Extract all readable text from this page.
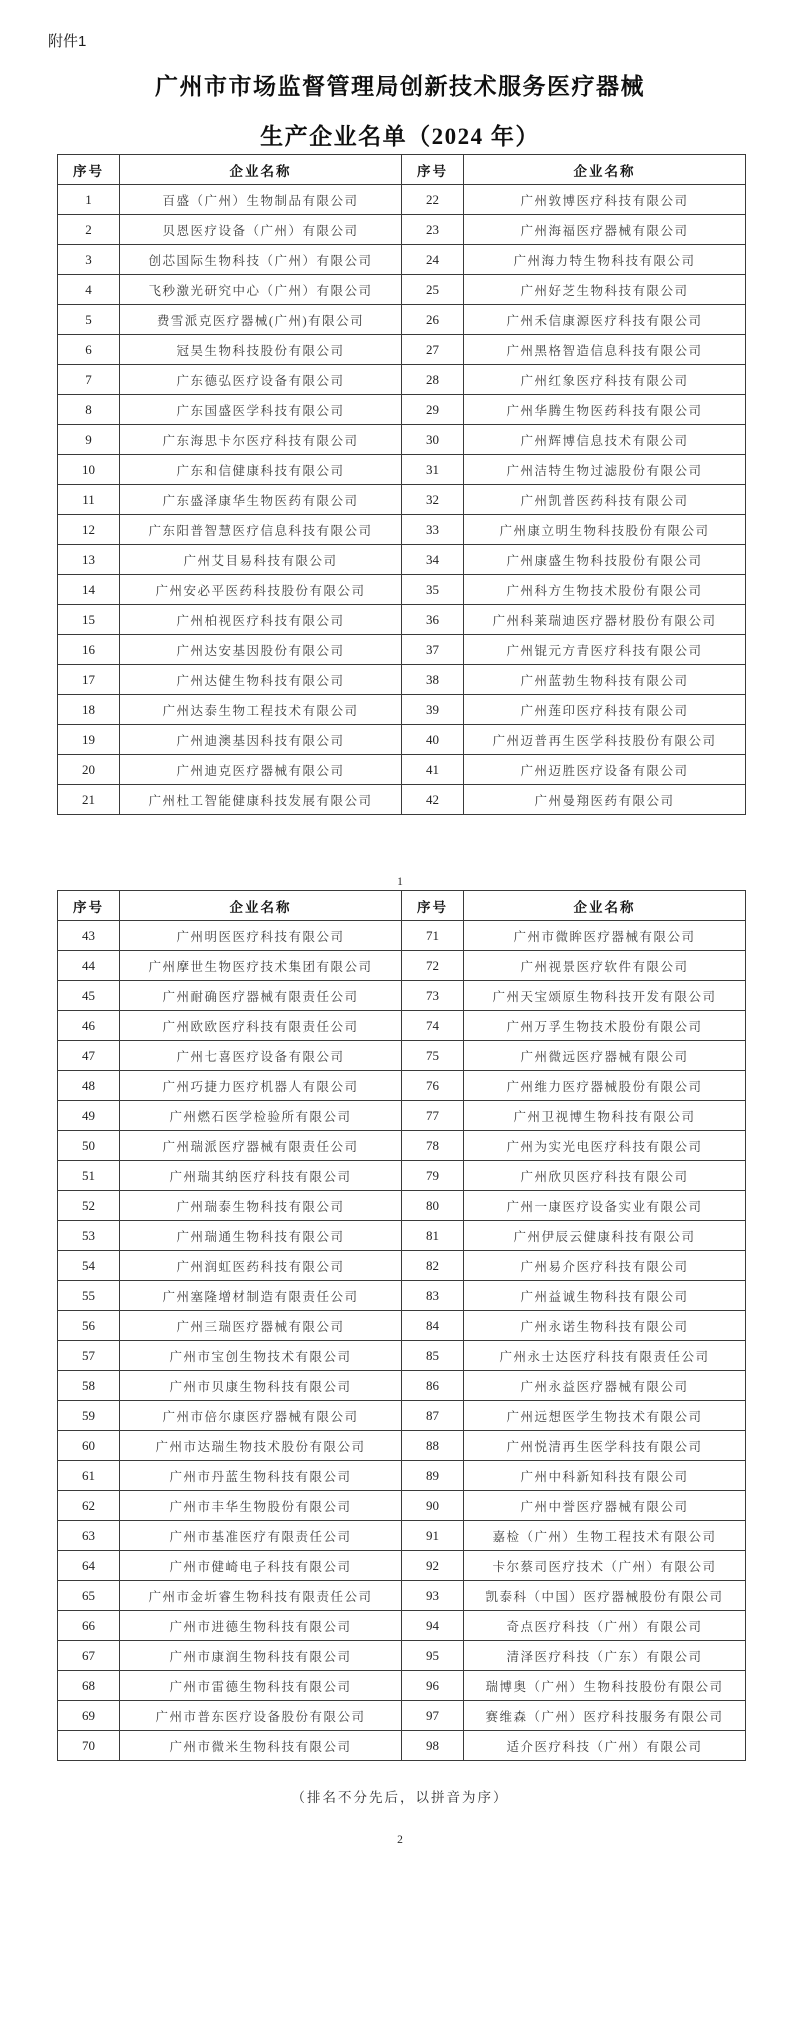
附件1
广州市市场监督管理局创新技术服务医疗器械
生产企业名单（2024 年）
序号	企业名称	序号	企业名称
1	百盛（广州）生物制品有限公司	22	广州敦博医疗科技有限公司
2	贝恩医疗设备（广州）有限公司	23	广州海福医疗器械有限公司
3	创芯国际生物科技（广州）有限公司	24	广州海力特生物科技有限公司
4	飞秒激光研究中心（广州）有限公司	25	广州好芝生物科技有限公司
5	费雪派克医疗器械(广州)有限公司	26	广州禾信康源医疗科技有限公司
6	冠昊生物科技股份有限公司	27	广州黑格智造信息科技有限公司
7	广东德弘医疗设备有限公司	28	广州红象医疗科技有限公司
8	广东国盛医学科技有限公司	29	广州华腾生物医药科技有限公司
9	广东海思卡尔医疗科技有限公司	30	广州辉博信息技术有限公司
10	广东和信健康科技有限公司	31	广州洁特生物过滤股份有限公司
11	广东盛泽康华生物医药有限公司	32	广州凯普医药科技有限公司
12	广东阳普智慧医疗信息科技有限公司	33	广州康立明生物科技股份有限公司
13	广州艾目易科技有限公司	34	广州康盛生物科技股份有限公司
14	广州安必平医药科技股份有限公司	35	广州科方生物技术股份有限公司
15	广州柏视医疗科技有限公司	36	广州科莱瑞迪医疗器材股份有限公司
16	广州达安基因股份有限公司	37	广州锟元方青医疗科技有限公司
17	广州达健生物科技有限公司	38	广州蓝勃生物科技有限公司
18	广州达泰生物工程技术有限公司	39	广州莲印医疗科技有限公司
19	广州迪澳基因科技有限公司	40	广州迈普再生医学科技股份有限公司
20	广州迪克医疗器械有限公司	41	广州迈胜医疗设备有限公司
21	广州杜工智能健康科技发展有限公司	42	广州曼翔医药有限公司
1
序号	企业名称	序号	企业名称
43	广州明医医疗科技有限公司	71	广州市微眸医疗器械有限公司
44	广州摩世生物医疗技术集团有限公司	72	广州视景医疗软件有限公司
45	广州耐确医疗器械有限责任公司	73	广州天宝颂原生物科技开发有限公司
46	广州欧欧医疗科技有限责任公司	74	广州万孚生物技术股份有限公司
47	广州七喜医疗设备有限公司	75	广州微远医疗器械有限公司
48	广州巧捷力医疗机器人有限公司	76	广州维力医疗器械股份有限公司
49	广州燃石医学检验所有限公司	77	广州卫视博生物科技有限公司
50	广州瑞派医疗器械有限责任公司	78	广州为实光电医疗科技有限公司
51	广州瑞其纳医疗科技有限公司	79	广州欣贝医疗科技有限公司
52	广州瑞泰生物科技有限公司	80	广州一康医疗设备实业有限公司
53	广州瑞通生物科技有限公司	81	广州伊辰云健康科技有限公司
54	广州润虹医药科技有限公司	82	广州易介医疗科技有限公司
55	广州塞隆增材制造有限责任公司	83	广州益诚生物科技有限公司
56	广州三瑞医疗器械有限公司	84	广州永诺生物科技有限公司
57	广州市宝创生物技术有限公司	85	广州永士达医疗科技有限责任公司
58	广州市贝康生物科技有限公司	86	广州永益医疗器械有限公司
59	广州市倍尔康医疗器械有限公司	87	广州远想医学生物技术有限公司
60	广州市达瑞生物技术股份有限公司	88	广州悦清再生医学科技有限公司
61	广州市丹蓝生物科技有限公司	89	广州中科新知科技有限公司
62	广州市丰华生物股份有限公司	90	广州中誉医疗器械有限公司
63	广州市基准医疗有限责任公司	91	嘉检（广州）生物工程技术有限公司
64	广州市健崎电子科技有限公司	92	卡尔蔡司医疗技术（广州）有限公司
65	广州市金圻睿生物科技有限责任公司	93	凯泰科（中国）医疗器械股份有限公司
66	广州市进德生物科技有限公司	94	奇点医疗科技（广州）有限公司
67	广州市康润生物科技有限公司	95	清泽医疗科技（广东）有限公司
68	广州市雷德生物科技有限公司	96	瑞博奥（广州）生物科技股份有限公司
69	广州市普东医疗设备股份有限公司	97	赛维森（广州）医疗科技服务有限公司
70	广州市微米生物科技有限公司	98	适介医疗科技（广州）有限公司
（排名不分先后，以拼音为序）
2
